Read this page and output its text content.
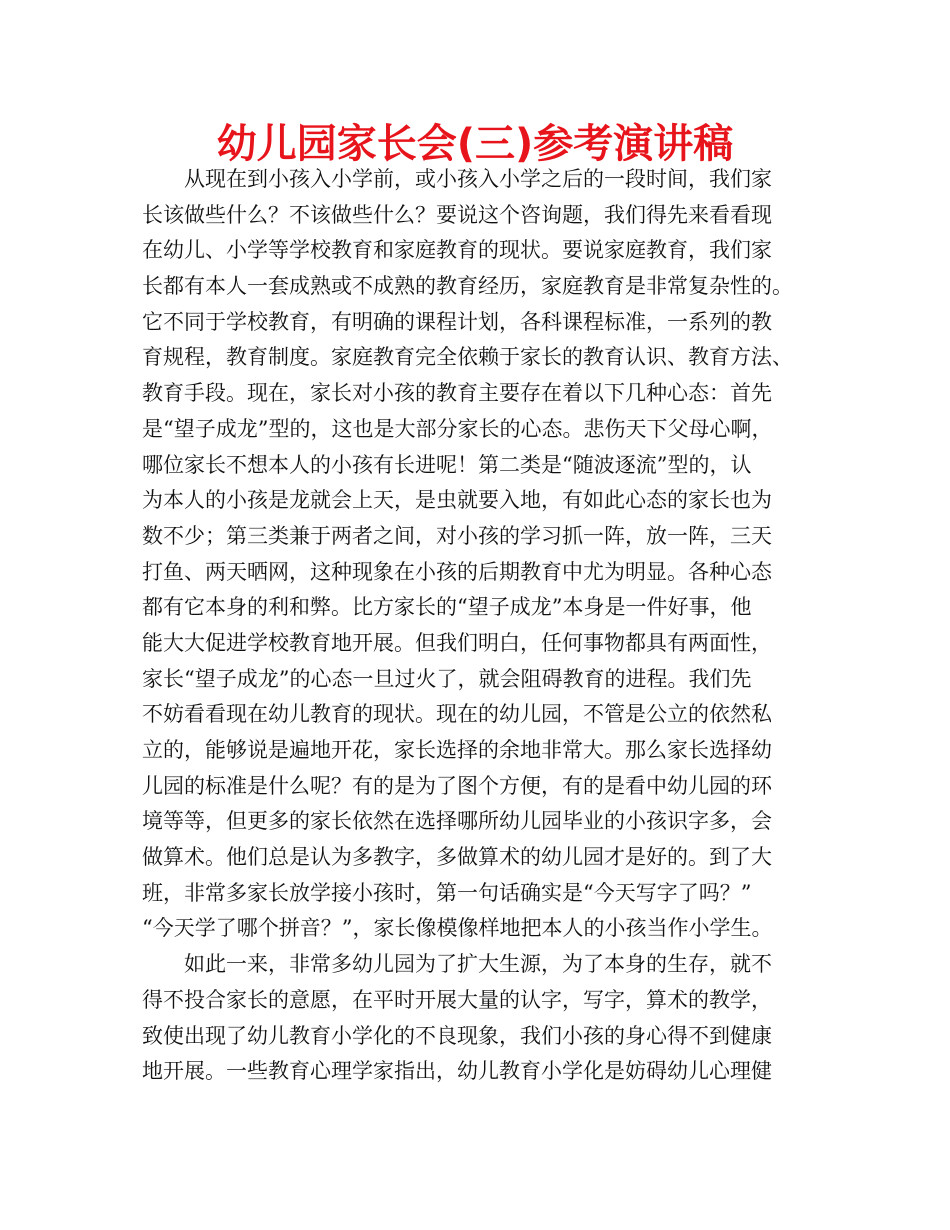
幼儿园家长会(三)参考演讲稿

从现在到小孩入小学前，或小孩入小学之后的一段时间，我们家
长该做些什么？不该做些什么？要说这个咨询题，我们得先来看看现
在幼儿、小学等学校教育和家庭教育的现状。要说家庭教育，我们家
长都有本人一套成熟或不成熟的教育经历，家庭教育是非常复杂性的。
它不同于学校教育，有明确的课程计划，各科课程标准，一系列的教
育规程，教育制度。家庭教育完全依赖于家长的教育认识、教育方法、
教育手段。现在，家长对小孩的教育主要存在着以下几种心态：首先
是“望子成龙”型的，这也是大部分家长的心态。悲伤天下父母心啊，
哪位家长不想本人的小孩有长进呢！第二类是“随波逐流”型的，认
为本人的小孩是龙就会上天，是虫就要入地，有如此心态的家长也为
数不少；第三类兼于两者之间，对小孩的学习抓一阵，放一阵，三天
打鱼、两天晒网，这种现象在小孩的后期教育中尤为明显。各种心态
都有它本身的利和弊。比方家长的“望子成龙”本身是一件好事，他
能大大促进学校教育地开展。但我们明白，任何事物都具有两面性，
家长“望子成龙”的心态一旦过火了，就会阻碍教育的进程。我们先
不妨看看现在幼儿教育的现状。现在的幼儿园，不管是公立的依然私
立的，能够说是遍地开花，家长选择的余地非常大。那么家长选择幼
儿园的标准是什么呢？有的是为了图个方便，有的是看中幼儿园的环
境等等，但更多的家长依然在选择哪所幼儿园毕业的小孩识字多，会
做算术。他们总是认为多教字，多做算术的幼儿园才是好的。到了大
班，非常多家长放学接小孩时，第一句话确实是“今天写字了吗？”
“今天学了哪个拼音？”，家长像模像样地把本人的小孩当作小学生。

如此一来，非常多幼儿园为了扩大生源，为了本身的生存，就不
得不投合家长的意愿，在平时开展大量的认字，写字，算术的教学，
致使出现了幼儿教育小学化的不良现象，我们小孩的身心得不到健康
地开展。一些教育心理学家指出，幼儿教育小学化是妨碍幼儿心理健
